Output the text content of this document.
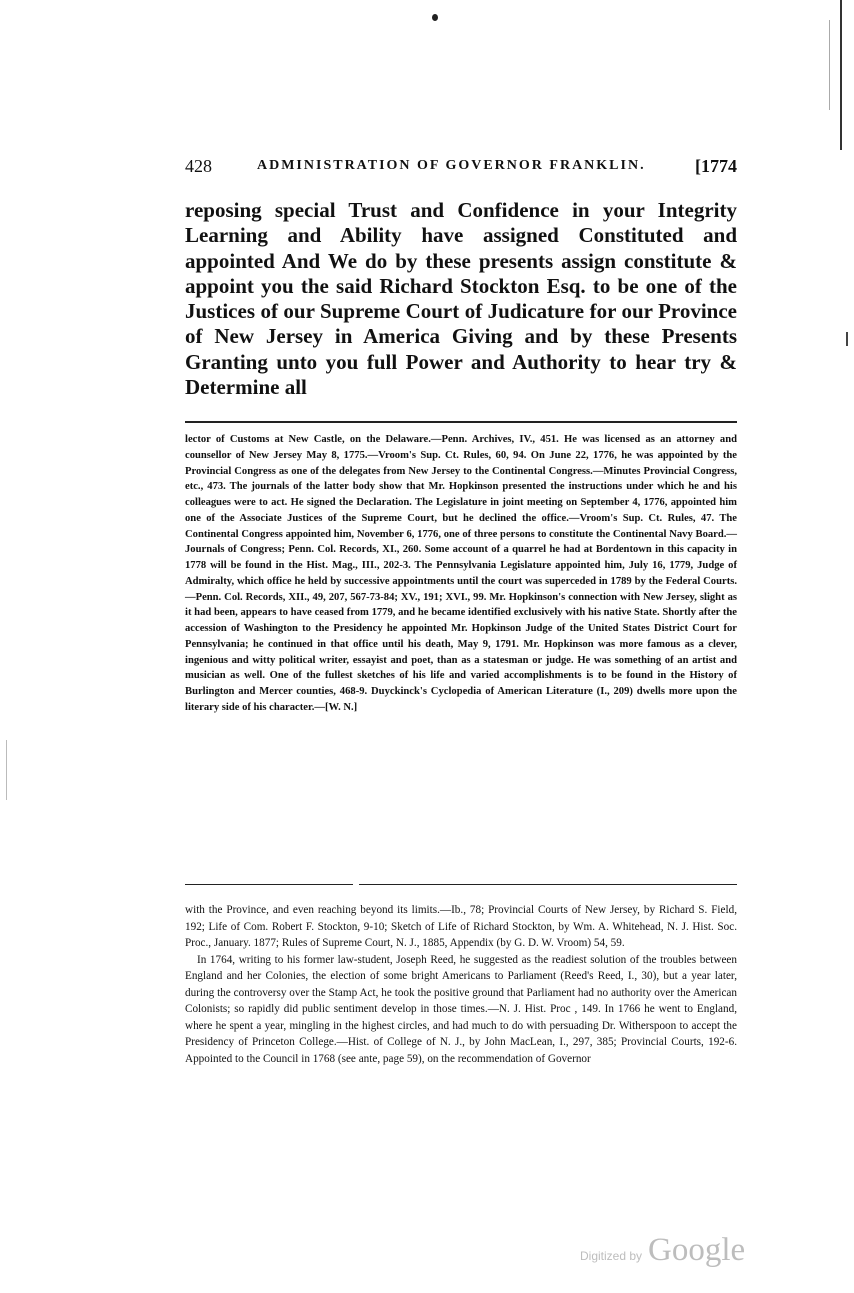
428	ADMINISTRATION OF GOVERNOR FRANKLIN.	[1774
reposing special Trust and Confidence in your Integrity Learning and Ability have assigned Constituted and appointed And We do by these presents assign constitute & appoint you the said Richard Stockton Esq. to be one of the Justices of our Supreme Court of Judicature for our Province of New Jersey in America Giving and by these Presents Granting unto you full Power and Authority to hear try & Determine all
lector of Customs at New Castle, on the Delaware.—Penn. Archives, IV., 451. He was licensed as an attorney and counsellor of New Jersey May 8, 1775.—Vroom's Sup. Ct. Rules, 60, 94. On June 22, 1776, he was appointed by the Provincial Congress as one of the delegates from New Jersey to the Continental Congress.—Minutes Provincial Congress, etc., 473. The journals of the latter body show that Mr. Hopkinson presented the instructions under which he and his colleagues were to act. He signed the Declaration. The Legislature in joint meeting on September 4, 1776, appointed him one of the Associate Justices of the Supreme Court, but he declined the office.—Vroom's Sup. Ct. Rules, 47. The Continental Congress appointed him, November 6, 1776, one of three persons to constitute the Continental Navy Board.—Journals of Congress; Penn. Col. Records, XI., 260. Some account of a quarrel he had at Bordentown in this capacity in 1778 will be found in the Hist. Mag., III., 202-3. The Pennsylvania Legislature appointed him, July 16, 1779, Judge of Admiralty, which office he held by successive appointments until the court was superceded in 1789 by the Federal Courts.—Penn. Col. Records, XII., 49, 207, 567-73-84; XV., 191; XVI., 99. Mr. Hopkinson's connection with New Jersey, slight as it had been, appears to have ceased from 1779, and he became identified exclusively with his native State. Shortly after the accession of Washington to the Presidency he appointed Mr. Hopkinson Judge of the United States District Court for Pennsylvania; he continued in that office until his death, May 9, 1791. Mr. Hopkinson was more famous as a clever, ingenious and witty political writer, essayist and poet, than as a statesman or judge. He was something of an artist and musician as well. One of the fullest sketches of his life and varied accomplishments is to be found in the History of Burlington and Mercer counties, 468-9. Duyckinck's Cyclopedia of American Literature (I., 209) dwells more upon the literary side of his character.—[W. N.]

with the Province, and even reaching beyond its limits.—Ib., 78; Provincial Courts of New Jersey, by Richard S. Field, 192; Life of Com. Robert F. Stockton, 9-10; Sketch of Life of Richard Stockton, by Wm. A. Whitehead, N. J. Hist. Soc. Proc., January. 1877; Rules of Supreme Court, N. J., 1885, Appendix (by G. D. W. Vroom) 54, 59.

In 1764, writing to his former law-student, Joseph Reed, he suggested as the readiest solution of the troubles between England and her Colonies, the election of some bright Americans to Parliament (Reed's Reed, I., 30), but a year later, during the controversy over the Stamp Act, he took the positive ground that Parliament had no authority over the American Colonists; so rapidly did public sentiment develop in those times.—N. J. Hist. Proc , 149. In 1766 he went to England, where he spent a year, mingling in the highest circles, and had much to do with persuading Dr. Witherspoon to accept the Presidency of Princeton College.—Hist. of College of N. J., by John MacLean, I., 297, 385; Provincial Courts, 192-6. Appointed to the Council in 1768 (see ante, page 59), on the recommendation of Governor

Digitized by Google
